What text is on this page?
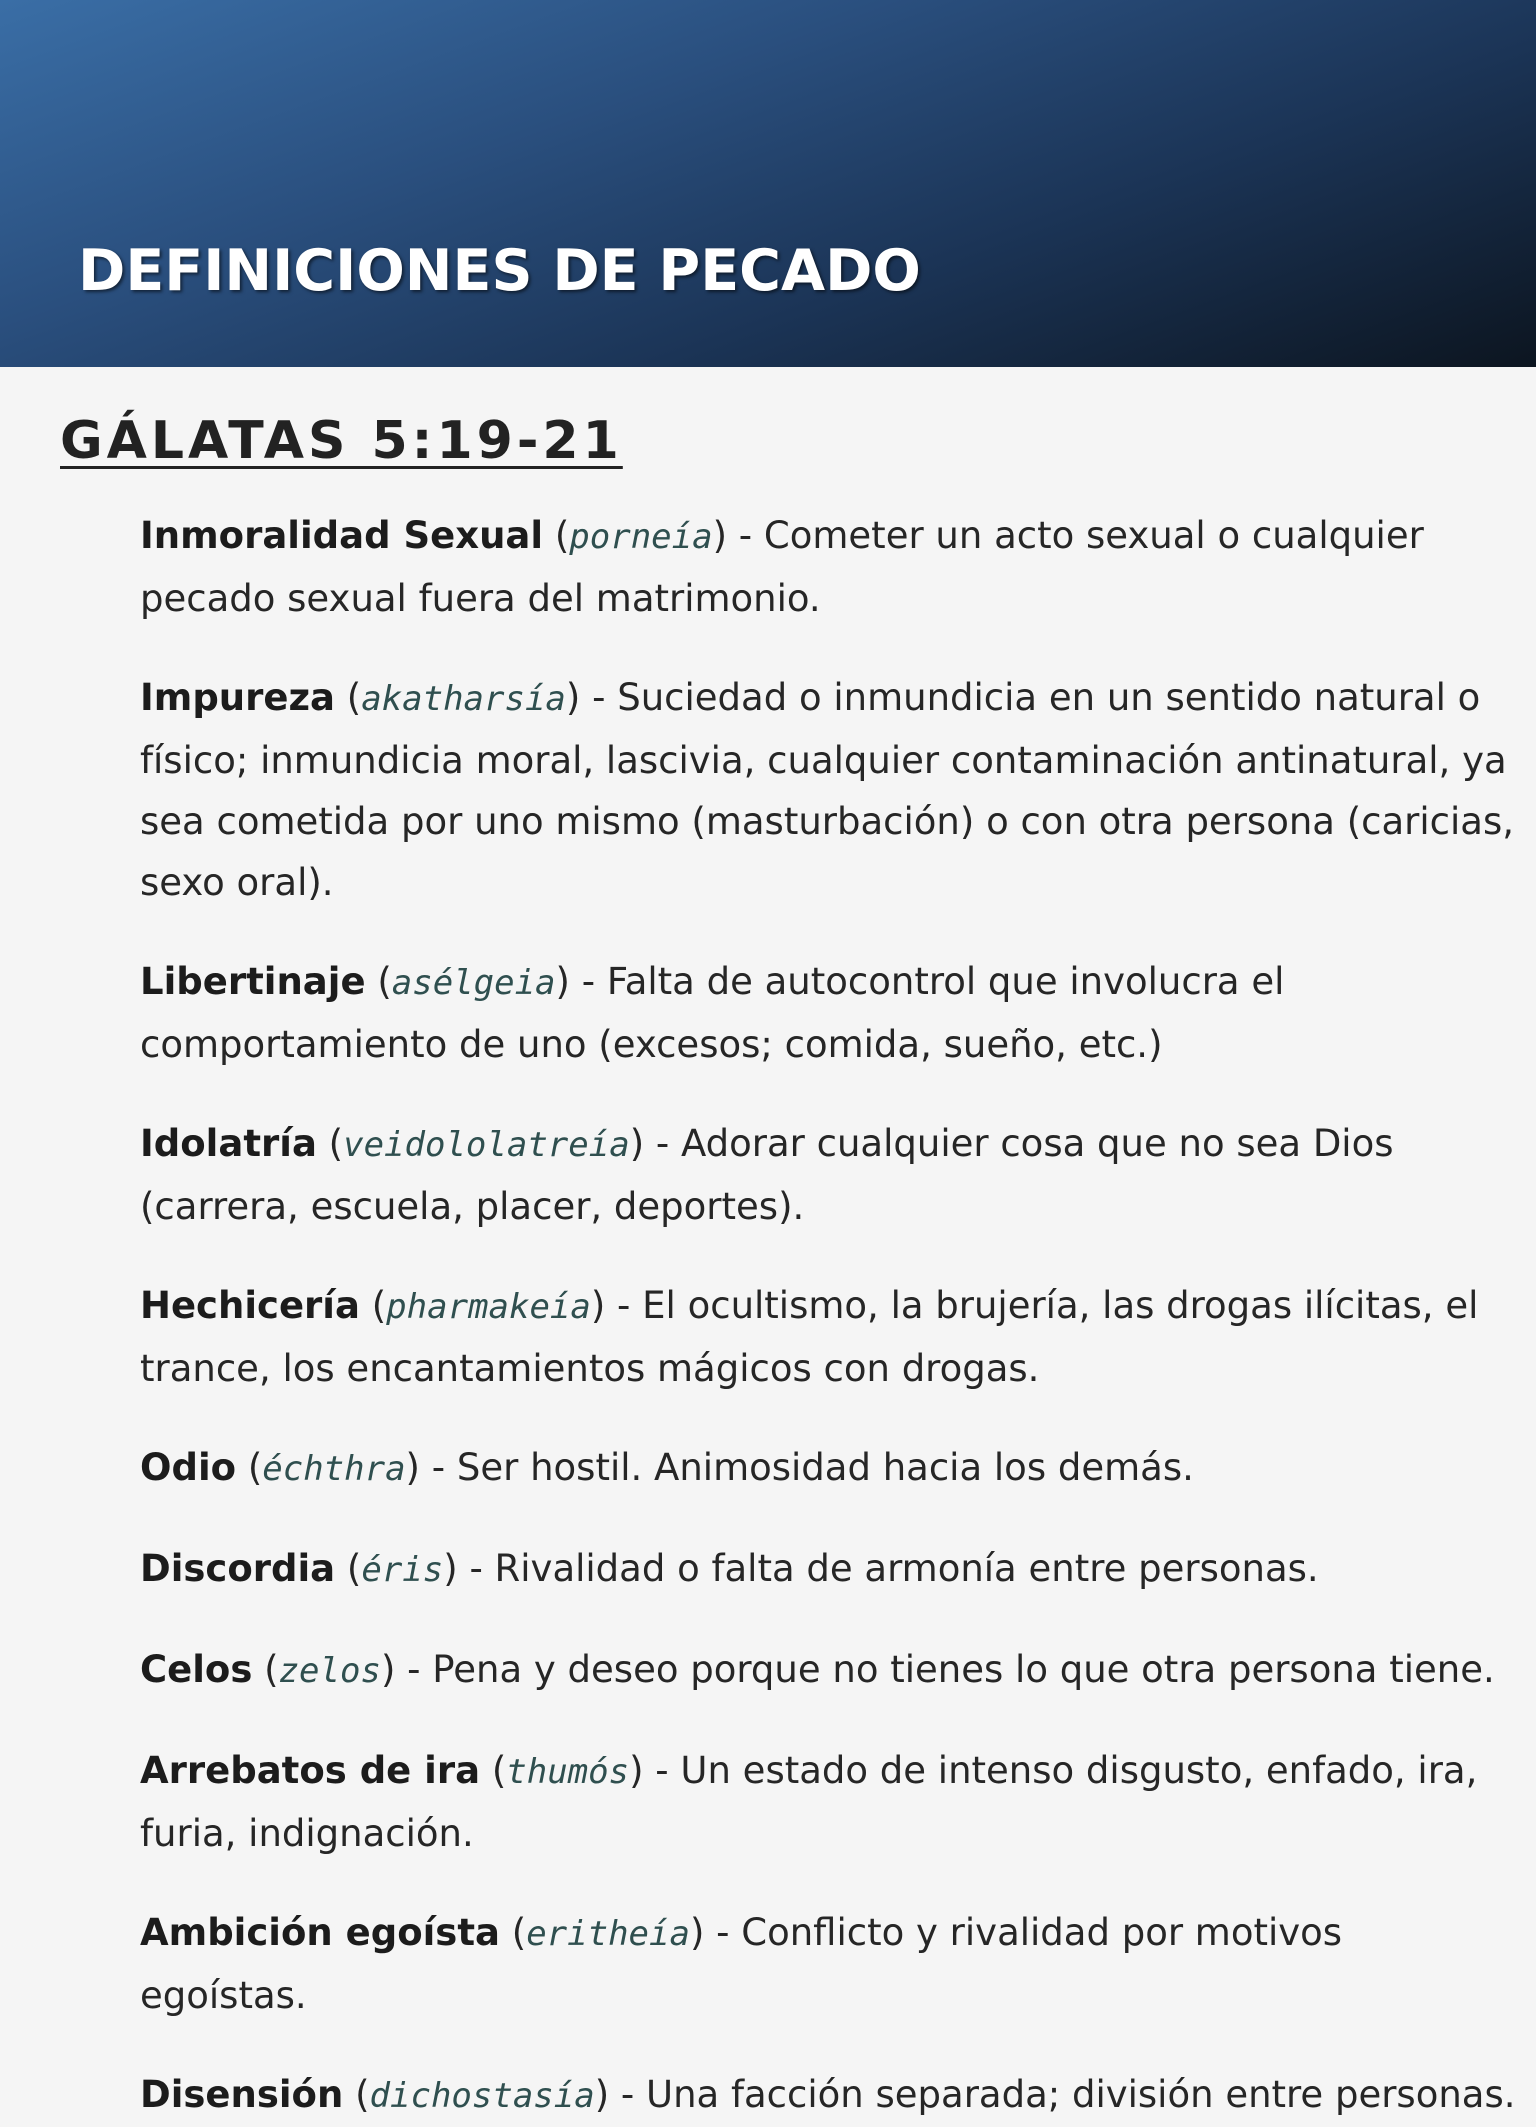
DEFINICIONES DE PECADO
GÁLATAS 5:19-21
Inmoralidad Sexual (porneía) - Cometer un acto sexual o cualquier pecado sexual fuera del matrimonio.
Impureza (akatharsía) - Suciedad o inmundicia en un sentido natural o físico; inmundicia moral, lascivia, cualquier contaminación antinatural, ya sea cometida por uno mismo (masturbación) o con otra persona (caricias, sexo oral).
Libertinaje (asélgeia) - Falta de autocontrol que involucra el comportamiento de uno (excesos; comida, sueño, etc.)
Idolatría (veidololatreía) - Adorar cualquier cosa que no sea Dios (carrera, escuela, placer, deportes).
Hechicería (pharmakeía) - El ocultismo, la brujería, las drogas ilícitas, el trance, los encantamientos mágicos con drogas.
Odio (échthra) - Ser hostil. Animosidad hacia los demás.
Discordia (éris) - Rivalidad o falta de armonía entre personas.
Celos (zelos) - Pena y deseo porque no tienes lo que otra persona tiene.
Arrebatos de ira (thumós) - Un estado de intenso disgusto, enfado, ira, furia, indignación.
Ambición egoísta (eritheía) - Conflicto y rivalidad por motivos egoístas.
Disensión (dichostasía) - Una facción separada; división entre personas.
